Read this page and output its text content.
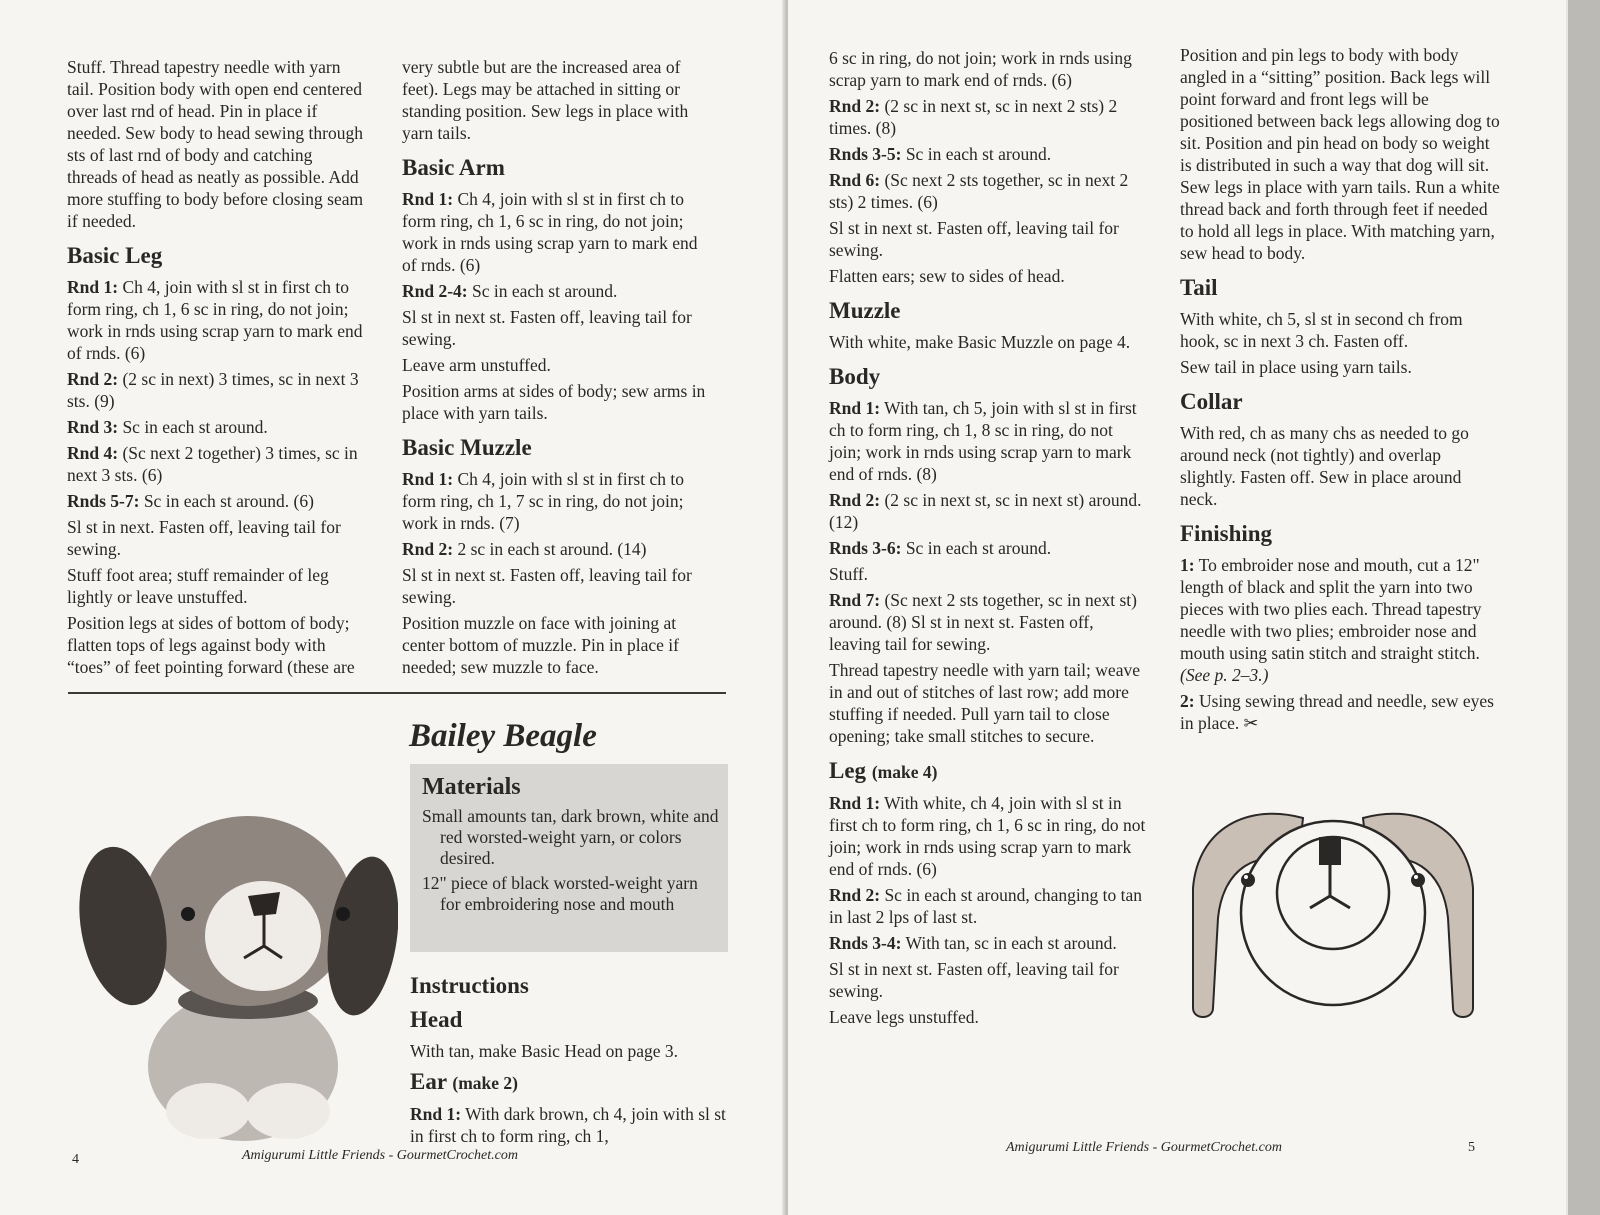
Stuff. Thread tapestry needle with yarn tail. Position body with open end centered over last rnd of head. Pin in place if needed. Sew body to head sewing through sts of last rnd of body and catching threads of head as neatly as possible. Add more stuffing to body before closing seam if needed.

Basic Leg

Rnd 1: Ch 4, join with sl st in first ch to form ring, ch 1, 6 sc in ring, do not join; work in rnds using scrap yarn to mark end of rnds. (6)

Rnd 2: (2 sc in next) 3 times, sc in next 3 sts. (9)

Rnd 3: Sc in each st around.

Rnd 4: (Sc next 2 together) 3 times, sc in next 3 sts. (6)

Rnds 5-7: Sc in each st around. (6)

Sl st in next. Fasten off, leaving tail for sewing.

Stuff foot area; stuff remainder of leg lightly or leave unstuffed.

Position legs at sides of bottom of body; flatten tops of legs against body with “toes” of feet pointing forward (these are

very subtle but are the increased area of feet). Legs may be attached in sitting or standing position. Sew legs in place with yarn tails.

Basic Arm

Rnd 1: Ch 4, join with sl st in first ch to form ring, ch 1, 6 sc in ring, do not join; work in rnds using scrap yarn to mark end of rnds. (6)

Rnd 2-4: Sc in each st around.

Sl st in next st. Fasten off, leaving tail for sewing.

Leave arm unstuffed.

Position arms at sides of body; sew arms in place with yarn tails.

Basic Muzzle

Rnd 1: Ch 4, join with sl st in first ch to form ring, ch 1, 7 sc in ring, do not join; work in rnds. (7)

Rnd 2: 2 sc in each st around. (14)

Sl st in next st. Fasten off, leaving tail for sewing.

Position muzzle on face with joining at center bottom of muzzle. Pin in place if needed; sew muzzle to face.

Bailey Beagle
Materials

Small amounts tan, dark brown, white and red worsted-weight yarn, or colors desired.

12" piece of black worsted-weight yarn for embroidering nose and mouth

Instructions
Head

With tan, make Basic Head on page 3.

Ear (make 2)

Rnd 1: With dark brown, ch 4, join with sl st in first ch to form ring, ch 1,

4	Amigurumi Little Friends - GourmetCrochet.com

6 sc in ring, do not join; work in rnds using scrap yarn to mark end of rnds. (6)

Rnd 2: (2 sc in next st, sc in next 2 sts) 2 times. (8)

Rnds 3-5: Sc in each st around.

Rnd 6: (Sc next 2 sts together, sc in next 2 sts) 2 times. (6)

Sl st in next st. Fasten off, leaving tail for sewing.

Flatten ears; sew to sides of head.

Muzzle

With white, make Basic Muzzle on page 4.

Body

Rnd 1: With tan, ch 5, join with sl st in first ch to form ring, ch 1, 8 sc in ring, do not join; work in rnds using scrap yarn to mark end of rnds. (8)

Rnd 2: (2 sc in next st, sc in next st) around. (12)

Rnds 3-6: Sc in each st around.

Stuff.

Rnd 7: (Sc next 2 sts together, sc in next st) around. (8) Sl st in next st. Fasten off, leaving tail for sewing.

Thread tapestry needle with yarn tail; weave in and out of stitches of last row; add more stuffing if needed. Pull yarn tail to close opening; take small stitches to secure.

Leg (make 4)

Rnd 1: With white, ch 4, join with sl st in first ch to form ring, ch 1, 6 sc in ring, do not join; work in rnds using scrap yarn to mark end of rnds. (6)

Rnd 2: Sc in each st around, changing to tan in last 2 lps of last st.

Rnds 3-4: With tan, sc in each st around.

Sl st in next st. Fasten off, leaving tail for sewing.

Leave legs unstuffed.

Position and pin legs to body with body angled in a “sitting” position. Back legs will point forward and front legs will be positioned between back legs allowing dog to sit. Position and pin head on body so weight is distributed in such a way that dog will sit. Sew legs in place with yarn tails. Run a white thread back and forth through feet if needed to hold all legs in place. With matching yarn, sew head to body.

Tail

With white, ch 5, sl st in second ch from hook, sc in next 3 ch. Fasten off.

Sew tail in place using yarn tails.

Collar

With red, ch as many chs as needed to go around neck (not tightly) and overlap slightly. Fasten off. Sew in place around neck.

Finishing

1: To embroider nose and mouth, cut a 12" length of black and split the yarn into two pieces with two plies each. Thread tapestry needle with two plies; embroider nose and mouth using satin stitch and straight stitch. (See p. 2–3.)

2: Using sewing thread and needle, sew eyes in place. ✂

Amigurumi Little Friends - GourmetCrochet.com	5
